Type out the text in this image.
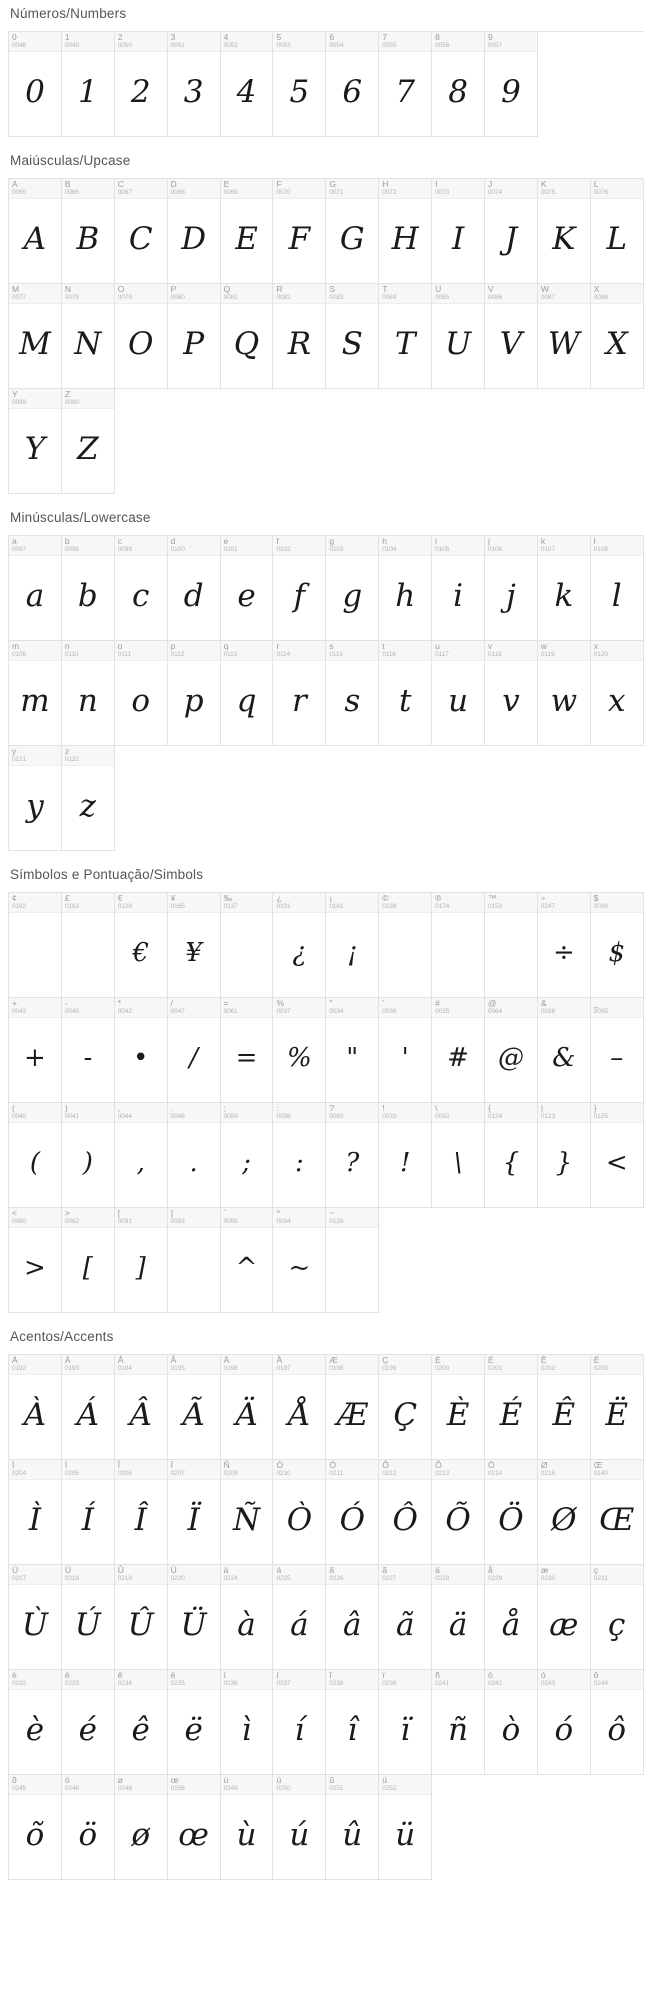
Números/Numbers
0
0048
0
1
0049
1
2
0050
2
3
0051
3
4
0052
4
5
0053
5
6
0054
6
7
0055
7
8
0056
8
9
0057
9
Maiúsculas/Upcase
A
0065
A
B
0066
B
C
0067
C
D
0068
D
E
0069
E
F
0070
F
G
0071
G
H
0072
H
I
0073
I
J
0074
J
K
0075
K
L
0076
L
M
0077
M
N
0078
N
O
0079
O
P
0080
P
Q
0081
Q
R
0082
R
S
0083
S
T
0084
T
U
0085
U
V
0086
V
W
0087
W
X
0088
X
Y
0089
Y
Z
0090
Z
Minúsculas/Lowercase
a
0097
a
b
0098
b
c
0099
c
d
0100
d
e
0101
e
f
0102
f
g
0103
g
h
0104
h
i
0105
i
j
0106
j
k
0107
k
l
0108
l
m
0109
m
n
0110
n
o
0111
o
p
0112
p
q
0113
q
r
0114
r
s
0115
s
t
0116
t
u
0117
u
v
0118
v
w
0119
w
x
0120
x
y
0121
y
z
0122
z
Símbolos e Pontuação/Simbols
¢
0162
£
0163
€
0128
€
¥
0165
¥
‰
0137
¿
0191
¿
¡
0161
¡
©
0169
®
0174
™
0153
÷
0247
÷
$
0036
$
+
0043
+
-
0045
-
*
0042
•
/
0047
/
=
0061
=
%
0037
%
"
0034
"
'
0039
'
#
0035
#
@
0064
@
&
0038
&
_
0095
–
(
0040
(
)
0041
)
,
0044
,
.
0046
.
;
0059
;
:
0058
:
?
0063
?
!
0033
!
\
0092
\
{
0124
{
|
0123
}
}
0125
<
<
0060
>
>
0062
[
[
0091
]
]
0093
`
0096
^
^
0094
~
~
0126
Acentos/Accents
À
0192
À
Á
0193
Á
Â
0194
Â
Ã
0195
Ã
Ä
0196
Ä
Å
0197
Å
Æ
0198
Æ
Ç
0199
Ç
È
0200
È
É
0201
É
Ê
0202
Ê
Ë
0203
Ë
Ì
0204
Ì
Í
0205
Í
Î
0206
Î
Ï
0207
Ï
Ñ
0209
Ñ
Ò
0210
Ò
Ó
0211
Ó
Ô
0212
Ô
Õ
0213
Õ
Ö
0214
Ö
Ø
0216
Ø
Œ
0140
Œ
Ù
0217
Ù
Ú
0218
Ú
Û
0219
Û
Ü
0220
Ü
à
0224
à
á
0225
á
â
0226
â
ã
0227
ã
ä
0228
ä
å
0229
å
æ
0230
æ
ç
0231
ç
è
0232
è
é
0233
é
ê
0234
ê
ë
0235
ë
ì
0236
ì
í
0237
í
î
0238
î
ï
0239
ï
ñ
0241
ñ
ò
0242
ò
ó
0243
ó
ô
0244
ô
õ
0245
õ
ö
0246
ö
ø
0248
ø
œ
0156
œ
ù
0249
ù
ú
0250
ú
û
0251
û
ü
0252
ü
